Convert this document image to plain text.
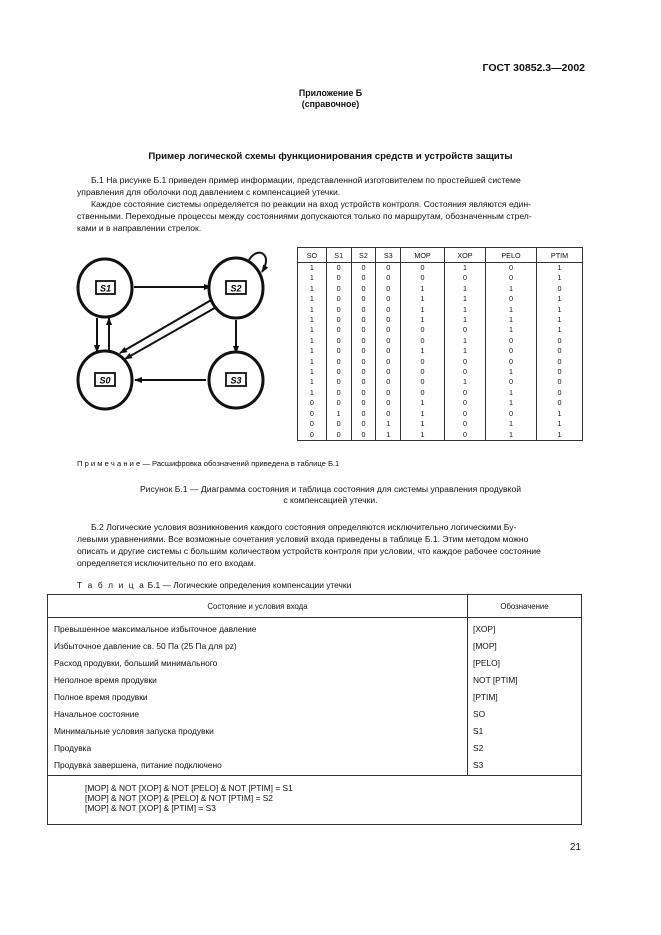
ГОСТ 30852.3—2002
Приложение Б
(справочное)
Пример логической схемы функционирования средств и устройств защиты
Б.1 На рисунке Б.1 приведен пример информации, представленной изготовителем по простейшей системе
управления для оболочки под давлением с компенсацией утечки.
Каждое состояние системы определяется по реакции на вход устройств контроля. Состояния являются един-
ственными. Переходные процессы между состояниями допускаются только по маршрутам, обозначенным стрел-
ками и в направлении стрелок.
S1	S2
S0	S3
SO	S1	S2	S3	MOP	XOP	PELO	PTIM
1	0	0	0	0	1	0	1
1	0	0	0	0	0	0	1
1	0	0	0	1	1	1	0
1	0	0	0	1	1	0	1
1	0	0	0	1	1	1	1
1	0	0	0	1	1	1	1
1	0	0	0	0	0	1	1
1	0	0	0	0	1	0	0
1	0	0	0	1	1	0	0
1	0	0	0	0	0	0	0
1	0	0	0	0	0	1	0
1	0	0	0	0	1	0	0
1	0	0	0	0	0	1	0
0	0	0	0	1	0	1	0
0	1	0	0	1	0	0	1
0	0	0	1	1	0	1	1
0	0	0	1	1	0	1	1
П р и м е ч а н и е — Расшифровка обозначений приведена в таблице Б.1
Рисунок Б.1 — Диаграмма состояния и таблица состояния для системы управления продувкой
с компенсацией утечки.
Б.2 Логические условия возникновения каждого состояния определяются исключительно логическими Бу-
левыми уравнениями. Все возможные сочетания условий входа приведены в таблице Б.1. Этим методом можно
описать и другие системы с большим количеством устройств контроля при условии, что каждое рабочее состояние
определяется исключительно по его входам.
Т а б л и ц а Б.1 — Логические определения компенсации утечки
Состояние и условия входа	Обозначение
Превышенное максимальное избыточное давление	[XOP]
Избыточное давление св. 50 Па (25 Па для pz)	[MOP]
Расход продувки, больший минимального	[PELO]
Неполное время продувки	NOT [PTIM]
Полное время продувки	[PTIM]
Начальное состояние	SO
Минимальные условия запуска продувки	S1
Продувка	S2
Продувка завершена, питание подключено	S3

[MOP] & NOT [XOP] & NOT [PELO] & NOT [PTIM] = S1
[MOP] & NOT [XOP] & [PELO] & NOT [PTIM] = S2
[MOP] & NOT [XOP] & [PTIM] = S3	
21
